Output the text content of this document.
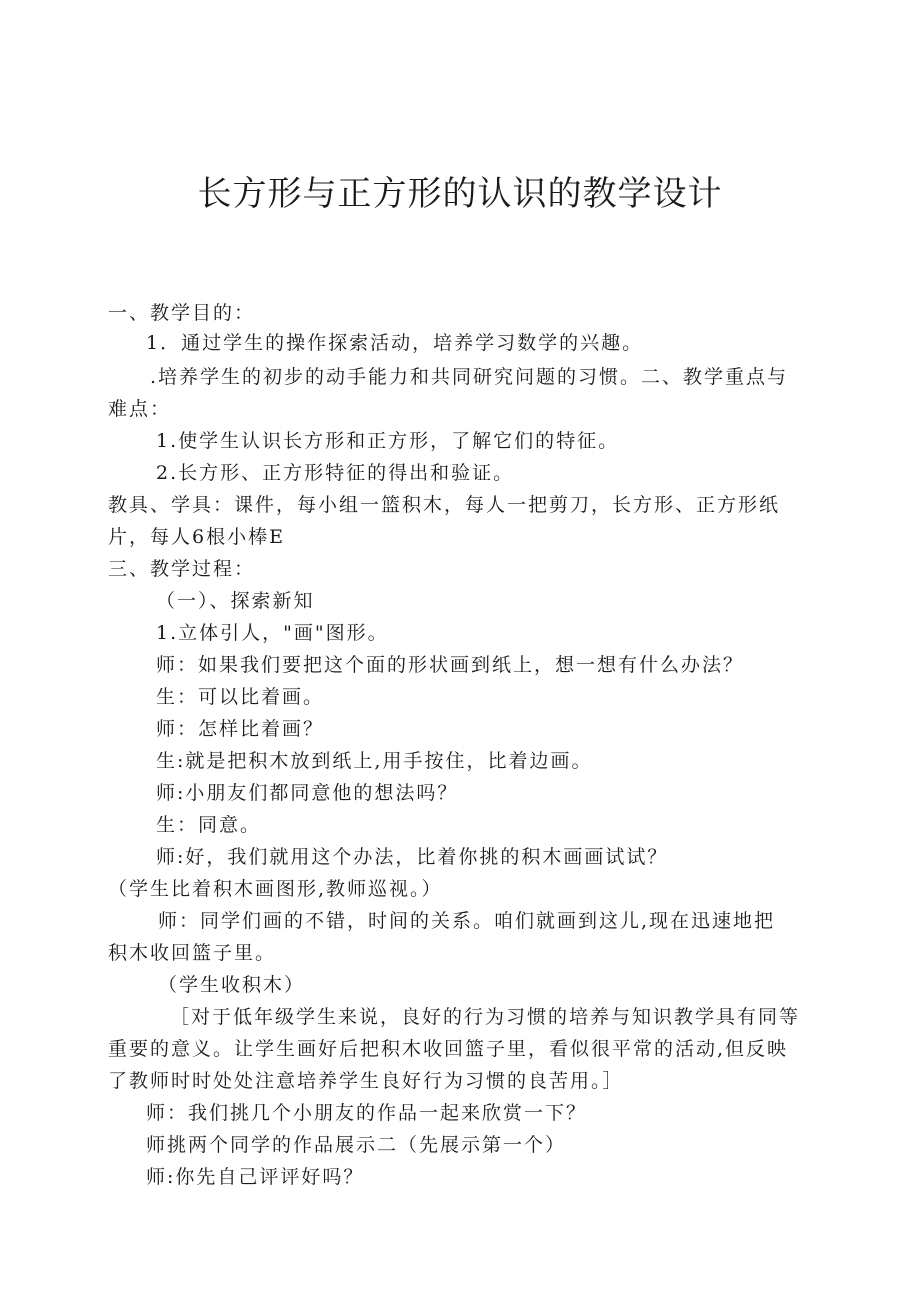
长方形与正方形的认识的教学设计
一、教学目的：
1．通过学生的操作探索活动，培养学习数学的兴趣。
.培养学生的初步的动手能力和共同研究问题的习惯。二、教学重点与
难点：
1.使学生认识长方形和正方形，了解它们的特征。
2.长方形、正方形特征的得出和验证。
教具、学具：课件，每小组一篮积木，每人一把剪刀，长方形、正方形纸
片，每人6根小棒E
三、教学过程：
（一）、探索新知
1.立体引人，"画"图形。
师：如果我们要把这个面的形状画到纸上，想一想有什么办法？
生：可以比着画。
师：怎样比着画？
生:就是把积木放到纸上,用手按住，比着边画。
师:小朋友们都同意他的想法吗？
生：同意。
师:好，我们就用这个办法，比着你挑的积木画画试试？
（学生比着积木画图形,教师巡视。）
师：同学们画的不错，时间的关系。咱们就画到这儿,现在迅速地把
积木收回篮子里。
（学生收积木）
［对于低年级学生来说，良好的行为习惯的培养与知识教学具有同等
重要的意义。让学生画好后把积木收回篮子里，看似很平常的活动,但反映
了教师时时处处注意培养学生良好行为习惯的良苦用。］
师：我们挑几个小朋友的作品一起来欣赏一下？
师挑两个同学的作品展示二（先展示第一个）
师:你先自己评评好吗？
